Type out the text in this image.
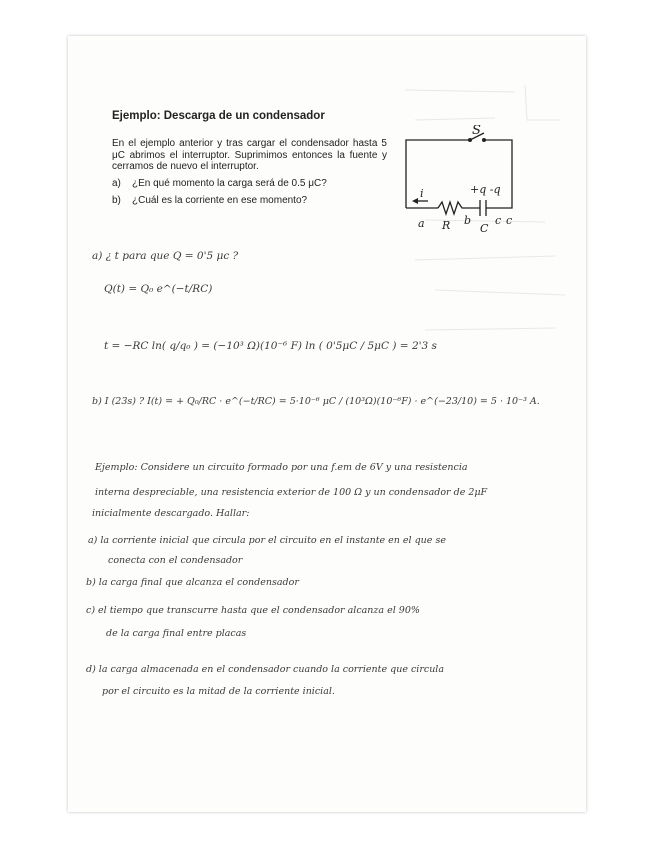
Ejemplo: Descarga de un condensador
En el ejemplo anterior y tras cargar el condensador hasta 5 μC abrimos el interruptor. Suprimimos entonces la fuente y cerramos de nuevo el interruptor.
a) ¿En qué momento la carga será de 0.5 μC?
b) ¿Cuál es la corriente en ese momento?
S
+q -q
i
a R b
C
c c
a) ¿ t para que Q = 0'5 μc ?
Q(t) = Q₀ e^(−t/RC)
t = −RC ln( q/q₀ ) = (−10³ Ω)(10⁻⁶ F) ln ( 0'5μC / 5μC ) = 2'3 s
b) I (23s) ? I(t) = + Q₀/RC · e^(−t/RC) = 5·10⁻⁶ μC / (10³Ω)(10⁻⁶F) · e^(−23/10) = 5 · 10⁻³ A.
Ejemplo: Considere un circuito formado por una f.em de 6V y una resistencia
interna despreciable, una resistencia exterior de 100 Ω y un condensador de 2μF
inicialmente descargado. Hallar:
a) la corriente inicial que circula por el circuito en el instante en el que se
conecta con el condensador
b) la carga final que alcanza el condensador
c) el tiempo que transcurre hasta que el condensador alcanza el 90%
de la carga final entre placas
d) la carga almacenada en el condensador cuando la corriente que circula
por el circuito es la mitad de la corriente inicial.
